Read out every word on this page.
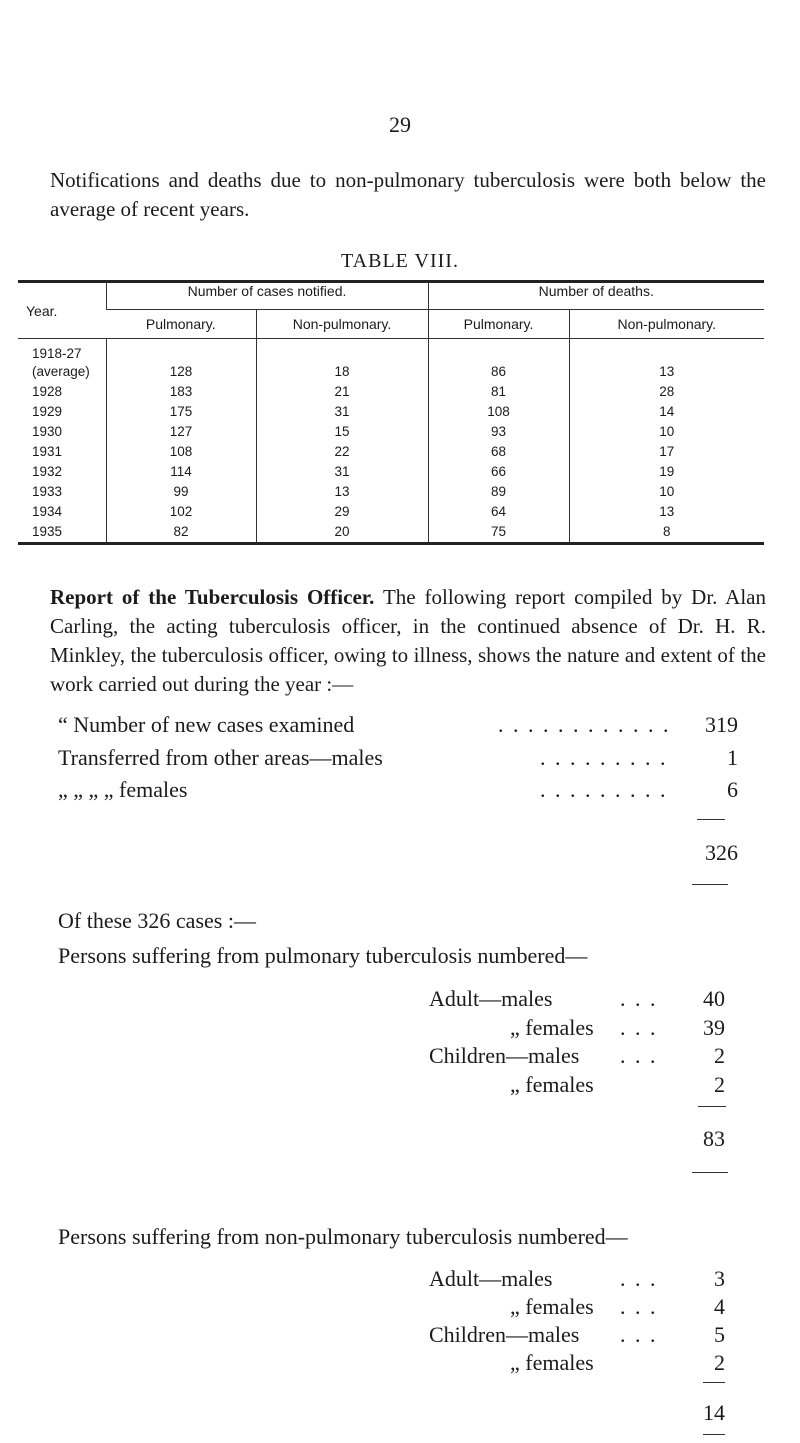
29
Notifications and deaths due to non-pulmonary tuberculosis were both below the average of recent years.
TABLE VIII.
Year.	Number of cases notified.		Number of deaths.	
	Pulmonary.	Non-pulmonary.	Pulmonary.	Non-pulmonary.
1918-27
(average)	128	18	86	13
1928	183	21	81	28
1929	175	31	108	14
1930	127	15	93	10
1931	108	22	68	17
1932	114	31	66	19
1933	99	13	89	10
1934	102	29	64	13
1935	82	20	75	8
Report of the Tuberculosis Officer. The following report compiled by Dr. Alan Carling, the acting tuberculosis officer, in the continued absence of Dr. H. R. Minkley, the tuberculosis officer, owing to illness, shows the nature and extent of the work carried out during the year :—
“ Number of new cases examined	. . . . . . . . . . . .	319
Transferred from other areas—males	. . . . . . . . .	1
„ „ „ „ females	. . . . . . . . .	6
326
Of these 326 cases :—
Persons suffering from pulmonary tuberculosis numbered—
Adult—males	. . .	40
„ females . . .	39
Children—males . . .	2
„ females	2
83
Persons suffering from non-pulmonary tuberculosis numbered—
Adult—males	. . .	3
„ females . . .	4
Children—males . . .	5
„ females	2
14
